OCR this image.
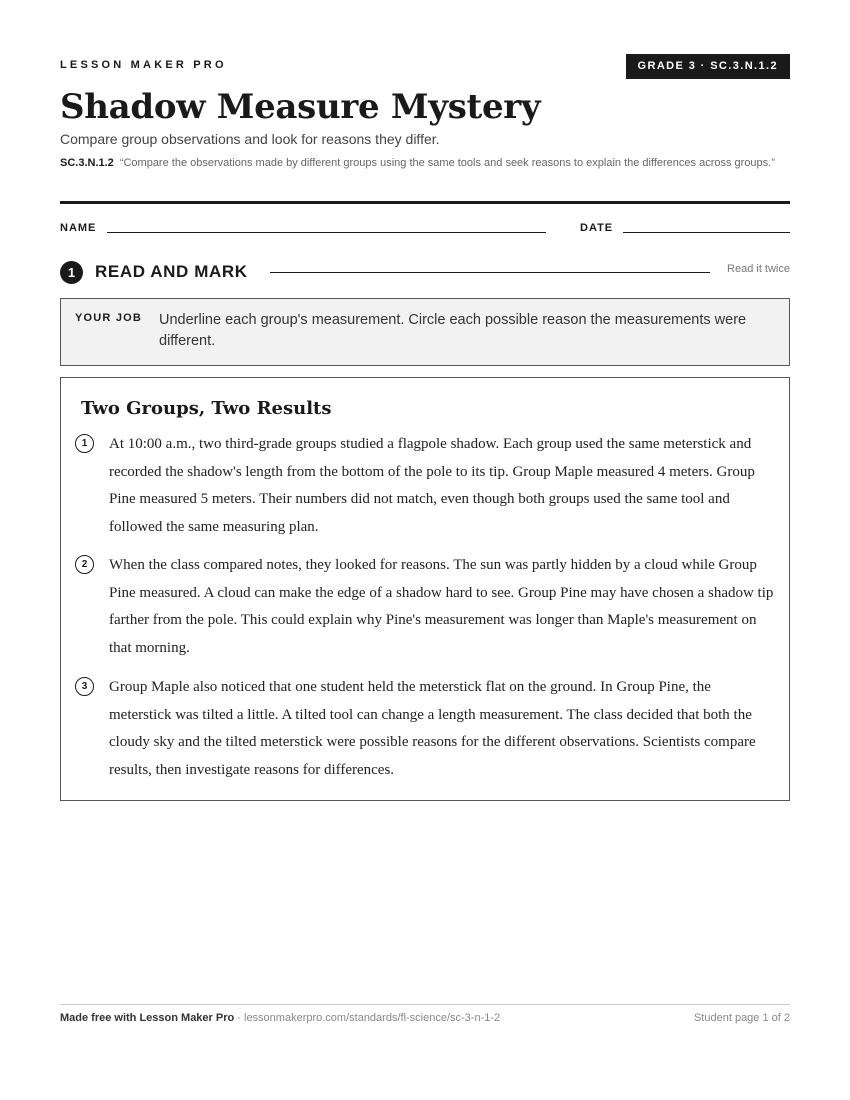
LESSON MAKER PRO	GRADE 3 · SC.3.N.1.2
Shadow Measure Mystery
Compare group observations and look for reasons they differ.
SC.3.N.1.2 “Compare the observations made by different groups using the same tools and seek reasons to explain the differences across groups.”
NAME	DATE
1	READ AND MARK	Read it twice
YOUR JOB Underline each group's measurement. Circle each possible reason the measurements were different.
Two Groups, Two Results
1	At 10:00 a.m., two third-grade groups studied a flagpole shadow. Each group used the same meterstick and recorded the shadow's length from the bottom of the pole to its tip. Group Maple measured 4 meters. Group Pine measured 5 meters. Their numbers did not match, even though both groups used the same tool and followed the same measuring plan.
2	When the class compared notes, they looked for reasons. The sun was partly hidden by a cloud while Group Pine measured. A cloud can make the edge of a shadow hard to see. Group Pine may have chosen a shadow tip farther from the pole. This could explain why Pine's measurement was longer than Maple's measurement on that morning.
3	Group Maple also noticed that one student held the meterstick flat on the ground. In Group Pine, the meterstick was tilted a little. A tilted tool can change a length measurement. The class decided that both the cloudy sky and the tilted meterstick were possible reasons for the different observations. Scientists compare results, then investigate reasons for differences.
Made free with Lesson Maker Pro · lessonmakerpro.com/standards/fl-science/sc-3-n-1-2	Student page 1 of 2
